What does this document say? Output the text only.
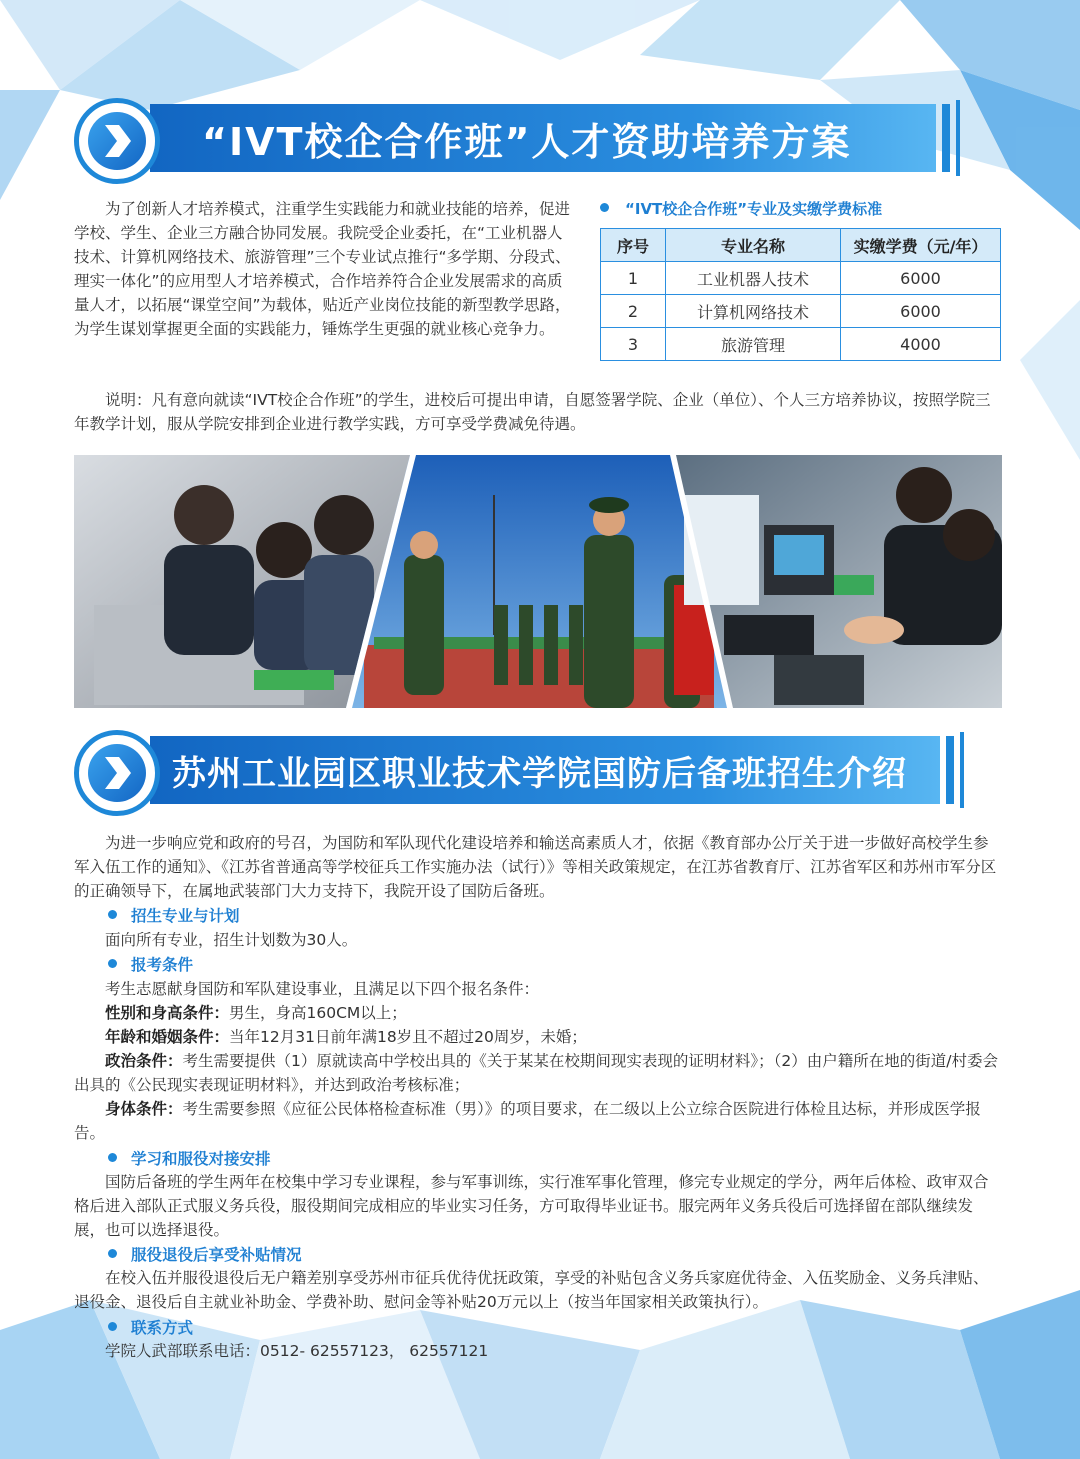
“IVT校企合作班”人才资助培养方案

为了创新人才培养模式，注重学生实践能力和就业技能的培养，促进学校、学生、企业三方融合协同发展。我院受企业委托，在“工业机器人技术、计算机网络技术、旅游管理”三个专业试点推行“多学期、分段式、理实一体化”的应用型人才培养模式，合作培养符合企业发展需求的高质量人才，以拓展“课堂空间”为载体，贴近产业岗位技能的新型教学思路，为学生谋划掌握更全面的实践能力，锤炼学生更强的就业核心竞争力。

“IVT校企合作班”专业及实缴学费标准
序号	专业名称	实缴学费（元/年）
1	工业机器人技术	6000
2	计算机网络技术	6000
3	旅游管理	4000

说明：凡有意向就读“IVT校企合作班”的学生，进校后可提出申请，自愿签署学院、企业（单位）、个人三方培养协议，按照学院三年教学计划，服从学院安排到企业进行教学实践，方可享受学费减免待遇。

苏州工业园区职业技术学院国防后备班招生介绍

为进一步响应党和政府的号召，为国防和军队现代化建设培养和输送高素质人才，依据《教育部办公厅关于进一步做好高校学生参军入伍工作的通知》、《江苏省普通高等学校征兵工作实施办法（试行）》等相关政策规定，在江苏省教育厅、江苏省军区和苏州市军分区的正确领导下，在属地武装部门大力支持下，我院开设了国防后备班。

招生专业与计划

面向所有专业，招生计划数为30人。

报考条件

考生志愿献身国防和军队建设事业，且满足以下四个报名条件：

性别和身高条件：男生，身高160CM以上；

年龄和婚姻条件：当年12月31日前年满18岁且不超过20周岁，未婚；

政治条件：考生需要提供（1）原就读高中学校出具的《关于某某在校期间现实表现的证明材料》；（2）由户籍所在地的街道/村委会出具的《公民现实表现证明材料》，并达到政治考核标准；

身体条件：考生需要参照《应征公民体格检查标准（男）》的项目要求，在二级以上公立综合医院进行体检且达标，并形成医学报告。

学习和服役对接安排

国防后备班的学生两年在校集中学习专业课程，参与军事训练，实行准军事化管理，修完专业规定的学分，两年后体检、政审双合格后进入部队正式服义务兵役，服役期间完成相应的毕业实习任务，方可取得毕业证书。服完两年义务兵役后可选择留在部队继续发展，也可以选择退役。

服役退役后享受补贴情况

在校入伍并服役退役后无户籍差别享受苏州市征兵优待优抚政策，享受的补贴包含义务兵家庭优待金、入伍奖励金、义务兵津贴、退役金、退役后自主就业补助金、学费补助、慰问金等补贴20万元以上（按当年国家相关政策执行）。

联系方式

学院人武部联系电话：0512- 62557123， 62557121
